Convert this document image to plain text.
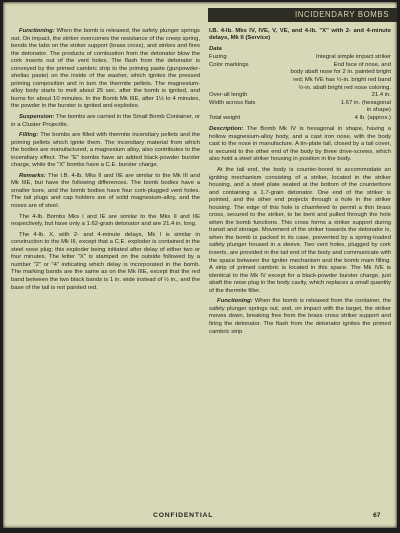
INCIDENDARY BOMBS

Functioning: When the bomb is released, the safety plunger springs out. On impact, the striker overcomes the resistance of the creep spring, bends the tabs on the striker support (brass cross), and strikes and fires the detonator. The products of combustion from the detonator blow the cork inserts out of the vent holes. The flash from the detonator is conveyed by the primed cambric strip to the priming paste (gunpowder-shellac paste) on the inside of the washer, which ignites the pressed priming composition and in turn the thermite pellets. The magnesium-alloy body starts to melt about 25 sec. after the bomb is ignited, and burns for about 10 minutes. In the Bomb Mk IIIE, after 1½ to 4 minutes, the powder in the burster is ignited and explodes.

Suspension: The bombs are carried in the Small Bomb Container, or in a Cluster Projectile.

Filling: The bombs are filled with thermite incendiary pellets and the priming pellets which ignite them. The incendiary material from which the bodies are manufactured, a magnesium alloy, also contributes to the incendiary effect. The "E" bombs have an added black-powder burster charge, while the "X" bombs have a C.E. burster charge.

Remarks: The I.B. 4-lb. Mks II and IIE are similar to the Mk III and Mk IIIE, but have the following differences. The bomb bodies have a smaller bore, and the bomb bodies have four cork-plugged vent holes. The tail plugs and cap holders are of solid magnesium-alloy, and the noses are of steel.

The 4-lb. Bombs Mks I and IE are similar to the Mks II and IIE respectively, but have only a 1.62-grain detonator and are 21.4 in. long.

The 4-lb. X, with 2- and 4-minute delays, Mk I is similar in construction to the Mk III, except that a C.E. exploder is contained in the steel nose plug; this exploder being initiated after delay of either two or four minutes. The letter "X" is stamped on the outside followed by a number "2" or "4" indicating which delay is incorporated in the bomb. The marking bands are the same as on the Mk IIIE, except that the red band between the two black bands is 1 in. wide instead of ½ in., and the base of the tail is not painted red.

I.B. 4-lb. Mks IV, IVE, V, VE, and 4-lb. "X" with 2- and 4-minute delays, Mk II (Service)
Data
Fuzing	Integral simple impact striker
Color markings	End face of nose, and
body abaft nose for 2 in. painted bright
red; Mk IVE has ½-in. bright red band
½-in. abaft bright red nose coloring.
Over-all length	21.4 in.
Width across flats	1.67 in. (hexagonal
in shape)
Total weight	4 lb. (approx.)

Description: The Bomb Mk IV is hexagonal in shape, having a hollow magnesium-alloy body, and a cast iron nose, with the body cast to the nose in manufacture. A tin-plate tail, closed by a tail cover, is secured to the other end of the body by three drive-screws, which also hold a steel striker housing in position in the body.

At the tail end, the body is counter-bored to accommodate an igniting mechanism consisting of a striker, located in the striker housing, and a steel plate seated at the bottom of the counterbore and containing a 1.7-grain detonator. One end of the striker is pointed, and the other end projects through a hole in the striker housing. The edge of this hole is chamfered to permit a thin brass cross, secured to the striker, to be bent and pulled through the hole when the bomb functions. This cross forms a striker support during transit and storage. Movement of the striker towards the detonator is, when the bomb is packed in its case, prevented by a spring-loaded safety plunger housed in a sleeve. Two vent holes, plugged by cork inserts, are provided in the tail end of the body and communicate with the space between the igniter mechanism and the bomb main filling. A strip of primed cambric is located in this space. The Mk IVE is identical to the Mk IV except for a black-powder burster charge, just abaft the nose plug in the body cavity, which replaces a small quantity of the thermite filler.

Functioning: When the bomb is released from the container, the safety plunger springs out, and, on impact with the target, the striker moves down, breaking free from the brass cross striker support and firing the detonator. The flash from the detonator ignites the primed cambric strip

CONFIDENTIAL	67
